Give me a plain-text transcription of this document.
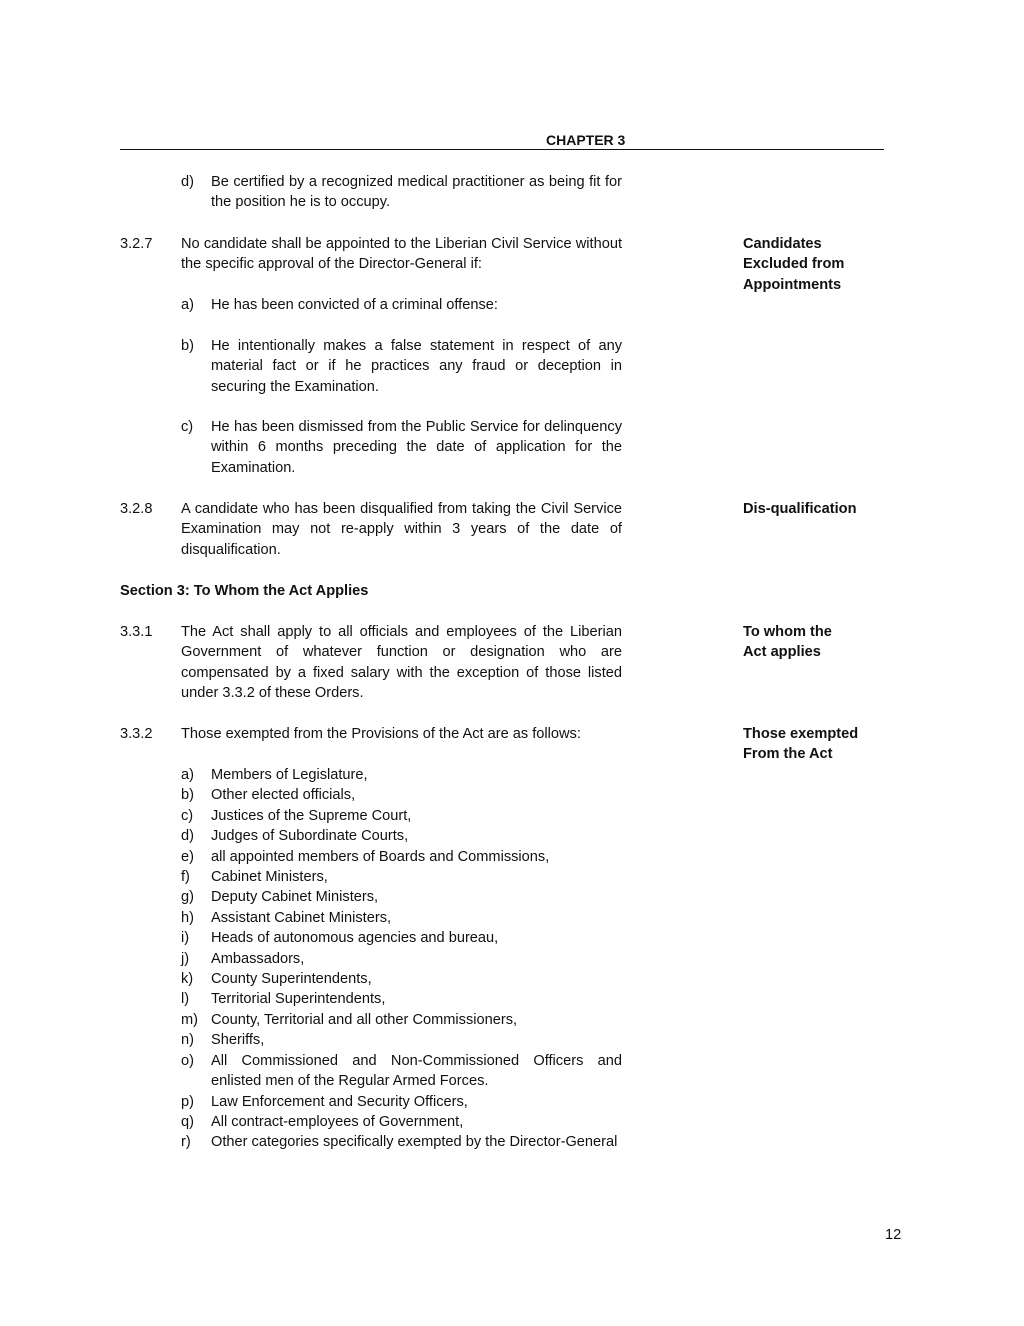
CHAPTER 3
d)	Be certified by a recognized medical practitioner as being fit for the position he is to occupy.
3.2.7 No candidate shall be appointed to the Liberian Civil Service without the specific approval of the Director-General if:
Candidates Excluded from Appointments
a)	He has been convicted of a criminal offense:
b)	He intentionally makes a false statement in respect of any material fact or if he practices any fraud or deception in securing the Examination.
c)	He has been dismissed from the Public Service for delinquency within 6 months preceding the date of application for the Examination.
3.2.8 A candidate who has been disqualified from taking the Civil Service Examination may not re-apply within 3 years of the date of disqualification.
Dis-qualification
Section 3: To Whom the Act Applies
3.3.1 The Act shall apply to all officials and employees of the Liberian Government of whatever function or designation who are compensated by a fixed salary with the exception of those listed under 3.3.2 of these Orders.
To whom the Act applies
3.3.2 Those exempted from the Provisions of the Act are as follows:	Those exempted From the Act
a) Members of Legislature,
b) Other elected officials,
c) Justices of the Supreme Court,
d) Judges of Subordinate Courts,
e) all appointed members of Boards and Commissions,
f) Cabinet Ministers,
g) Deputy Cabinet Ministers,
h) Assistant Cabinet Ministers,
i) Heads of autonomous agencies and bureau,
j) Ambassadors,
k) County Superintendents,
l) Territorial Superintendents,
m) County, Territorial and all other Commissioners,
n) Sheriffs,
o) All Commissioned and Non-Commissioned Officers and enlisted men of the Regular Armed Forces.
p) Law Enforcement and Security Officers,
q) All contract-employees of Government,
r) Other categories specifically exempted by the Director-General
12
